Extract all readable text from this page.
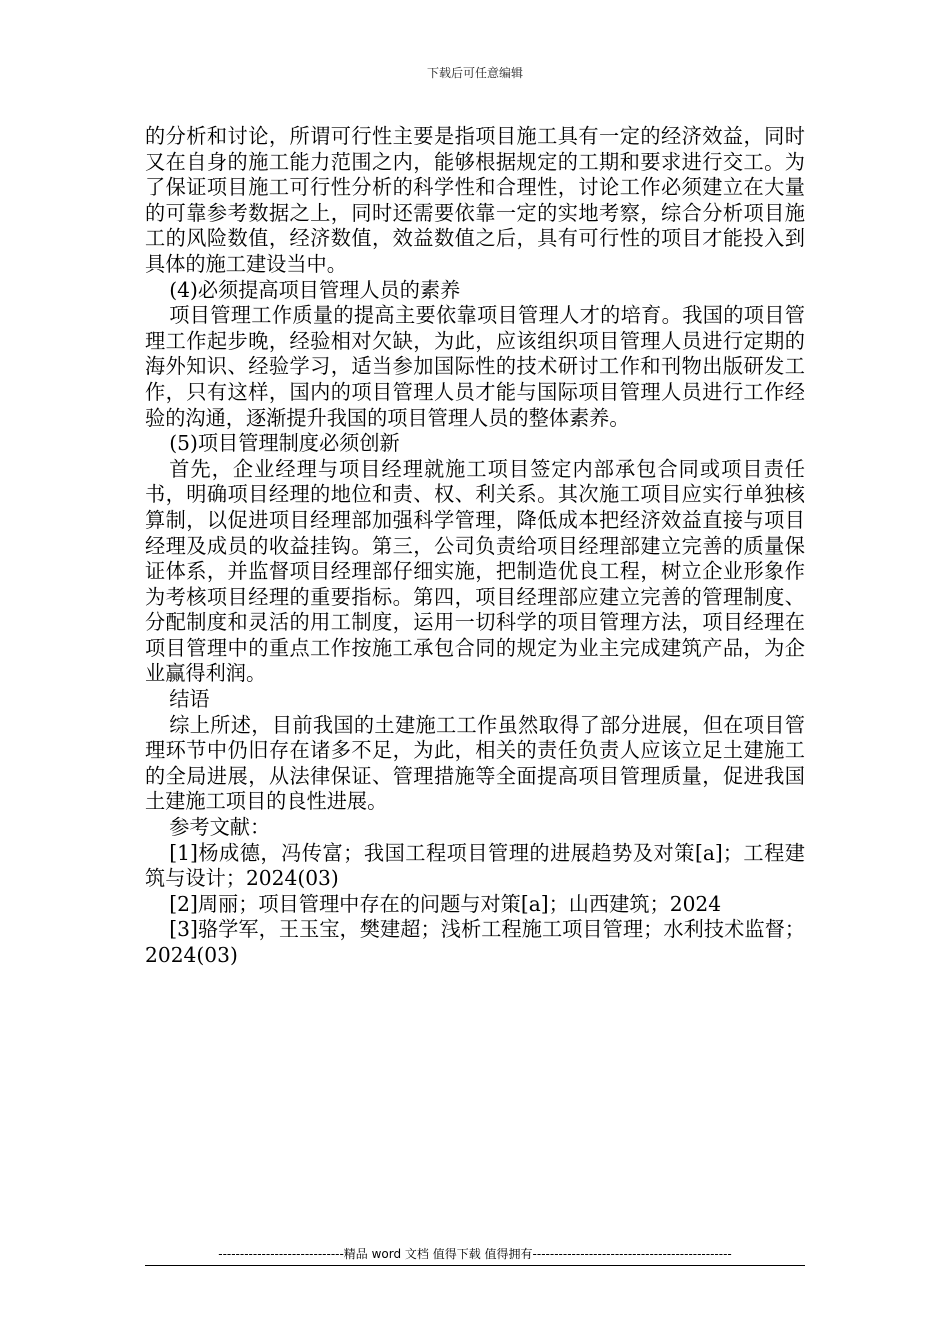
下载后可任意编辑

的分析和讨论，所谓可行性主要是指项目施工具有一定的经济效益，同时又在自身的施工能力范围之内，能够根据规定的工期和要求进行交工。为了保证项目施工可行性分析的科学性和合理性，讨论工作必须建立在大量的可靠参考数据之上，同时还需要依靠一定的实地考察，综合分析项目施工的风险数值，经济数值，效益数值之后，具有可行性的项目才能投入到具体的施工建设当中。

(4)必须提高项目管理人员的素养

项目管理工作质量的提高主要依靠项目管理人才的培育。我国的项目管理工作起步晚，经验相对欠缺，为此，应该组织项目管理人员进行定期的海外知识、经验学习，适当参加国际性的技术研讨工作和刊物出版研发工作，只有这样，国内的项目管理人员才能与国际项目管理人员进行工作经验的沟通，逐渐提升我国的项目管理人员的整体素养。

(5)项目管理制度必须创新

首先，企业经理与项目经理就施工项目签定内部承包合同或项目责任书，明确项目经理的地位和责、权、利关系。其次施工项目应实行单独核算制，以促进项目经理部加强科学管理，降低成本把经济效益直接与项目经理及成员的收益挂钩。第三，公司负责给项目经理部建立完善的质量保证体系，并监督项目经理部仔细实施，把制造优良工程，树立企业形象作为考核项目经理的重要指标。第四，项目经理部应建立完善的管理制度、分配制度和灵活的用工制度，运用一切科学的项目管理方法，项目经理在项目管理中的重点工作按施工承包合同的规定为业主完成建筑产品，为企业赢得利润。

结语

综上所述，目前我国的土建施工工作虽然取得了部分进展，但在项目管理环节中仍旧存在诸多不足，为此，相关的责任负责人应该立足土建施工的全局进展，从法律保证、管理措施等全面提高项目管理质量，促进我国土建施工项目的良性进展。

参考文献：

[1]杨成德，冯传富；我国工程项目管理的进展趋势及对策[a]；工程建筑与设计；2024(03)

[2]周丽；项目管理中存在的问题与对策[a]；山西建筑；2024

[3]骆学军，王玉宝，樊建超；浅析工程施工项目管理；水利技术监督；2024(03)

-----------------------------精品 word 文档 值得下载 值得拥有----------------------------------------------
